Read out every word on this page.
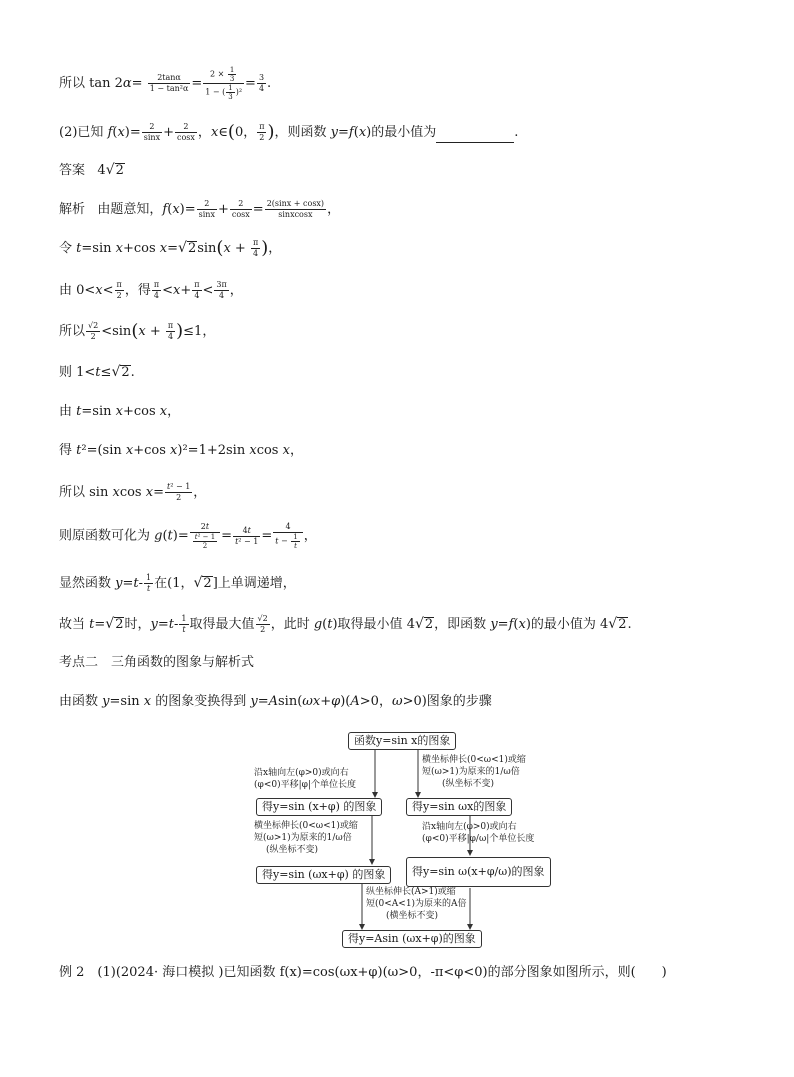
所以 $\tan 2\alpha= \frac{2\tan\alpha}{\text{1 − tan²α}} = \frac{2 \times \frac{1}{3}}{1 - ( \frac{1}{3} )^2} = \frac{3}{4}$ .
(2)已知 $f(x)= \frac{2}{\sin x} + \frac{2}{\cos x}$ ，x∈(0， $\frac{\pi}{2}$ )，则函数 y=f(x)的最小值为	.
答案   4√2
解析   由题意知，$f(x)= \frac{2}{\sin x} + \frac{2}{\cos x} = \frac{2(\sin x + \cos x)}{\text{sinxcosx}}$ ，
令 t=sin x+cos $x=√2\sin(x + \frac{\pi}{4}$ )，
由 $0<x< \frac{\pi}{2}$ ，得 $\frac{\pi}{4} <x+ \frac{\pi}{4} < \frac{3\pi}{4}$ ，
所以 $\frac{√2}{2} <\sin(x + \frac{\pi}{4} )\le 1$，
则 1<t≤√2.
由 t=sin x+cos x，
得 t²=(sin x+cos x)²=1+2sin xcos x，
所以 sin xcos $x= \frac{\text{t² − 1}}{2}$ ，
则原函数可化为 $g(t)= \frac{2t}{\frac{\text{t² − 1}}{2}} = \frac{4t}{\text{t² − 1}} = \frac{4}{t - \frac{1}{t}}$ ，
显然函数 $y=t- \frac{1}{t}$ 在(1，√2]上单调递增，
故当 t=√2时，$y=t- \frac{1}{t}$ 取得最大值 $\frac{√2}{2}$ ，此时 g(t)取得最小值 4√2，即函数 y=f(x)的最小值为 4√2.
考点二　三角函数的图象与解析式
由函数 y=sin x 的图象变换得到 y=Asin(ωx+φ)(A>0，ω>0)图象的步骤
函数y=sin x的图象
沿x轴向左(φ>0)或向右
(φ<0)平移|φ|个单位长度
横坐标伸长(0<ω<1)或缩
短(ω>1)为原来的1/ω倍
(纵坐标不变)
得y=sin (x+φ) 的图象	得y=sin ωx的图象
横坐标伸长(0<ω<1)或缩
短(ω>1)为原来的1/ω倍
(纵坐标不变)
沿x轴向左(φ>0)或向右
(φ<0)平移|φ/ω|个单位长度
得y=sin (ωx+φ) 的图象	得y=sin ω(x+φ/ω)的图象
纵坐标伸长(A>1)或缩
短(0<A<1)为原来的A倍
(横坐标不变)
得y=Asin (ωx+φ)的图象
例 2　(1)(2024· 海口模拟 )已知函数 f(x)=cos(ωx+φ)(ω>0，-π<φ<0)的部分图象如图所示，则(　　)
